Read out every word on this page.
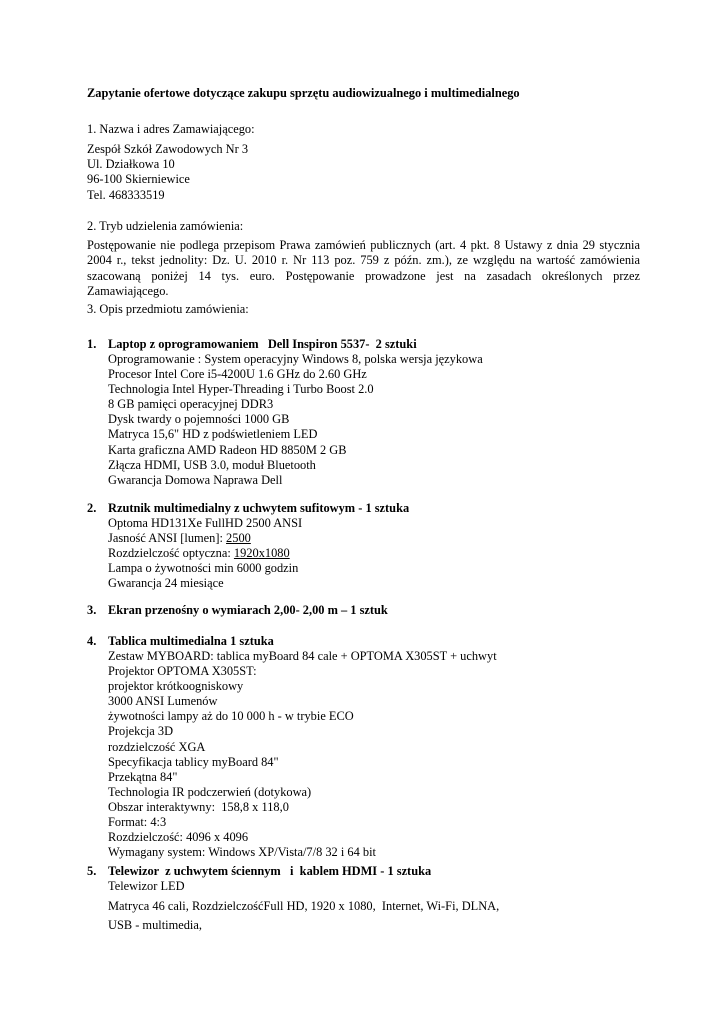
Zapytanie ofertowe dotyczące zakupu sprzętu audiowizualnego i multimedialnego
1. Nazwa i adres Zamawiającego:
Zespół Szkół Zawodowych Nr 3
Ul. Działkowa 10
96-100 Skierniewice
Tel. 468333519
2. Tryb udzielenia zamówienia:
Postępowanie nie podlega przepisom Prawa zamówień publicznych (art. 4 pkt. 8 Ustawy z dnia 29 stycznia 2004 r., tekst jednolity: Dz. U. 2010 r. Nr 113 poz. 759 z późn. zm.), ze względu na wartość zamówienia szacowaną poniżej 14 tys. euro. Postępowanie prowadzone jest na zasadach określonych przez Zamawiającego.
3. Opis przedmiotu zamówienia:
1. Laptop z oprogramowaniem   Dell Inspiron 5537-  2 sztuki
Oprogramowanie : System operacyjny Windows 8, polska wersja językowa
Procesor Intel Core i5-4200U 1.6 GHz do 2.60 GHz
Technologia Intel Hyper-Threading i Turbo Boost 2.0
8 GB pamięci operacyjnej DDR3
Dysk twardy o pojemności 1000 GB
Matryca 15,6" HD z podświetleniem LED
Karta graficzna AMD Radeon HD 8850M 2 GB
Złącza HDMI, USB 3.0, moduł Bluetooth
Gwarancja Domowa Naprawa Dell
2. Rzutnik multimedialny z uchwytem sufitowym - 1 sztuka
Optoma HD131Xe FullHD 2500 ANSI
Jasność ANSI [lumen]: 2500
Rozdzielczość optyczna: 1920x1080
Lampa o żywotności min 6000 godzin
Gwarancja 24 miesiące
3. Ekran przenośny o wymiarach 2,00- 2,00 m – 1 sztuk
4. Tablica multimedialna 1 sztuka
Zestaw MYBOARD: tablica myBoard 84 cale + OPTOMA X305ST + uchwyt
Projektor OPTOMA X305ST:
projektor krótkoogniskowy
3000 ANSI Lumenów
żywotności lampy aż do 10 000 h - w trybie ECO
Projekcja 3D
rozdzielczość XGA
Specyfikacja tablicy myBoard 84"
Przekątna 84"
Technologia IR podczerwień (dotykowa)
Obszar interaktywny:  158,8 x 118,0
Format: 4:3
Rozdzielczość: 4096 x 4096
Wymagany system: Windows XP/Vista/7/8 32 i 64 bit
5. Telewizor  z uchwytem ściennym   i  kablem HDMI - 1 sztuka
Telewizor LED
Matryca 46 cali, RozdzielczośćFull HD, 1920 x 1080,  Internet, Wi-Fi, DLNA,
USB - multimedia,
